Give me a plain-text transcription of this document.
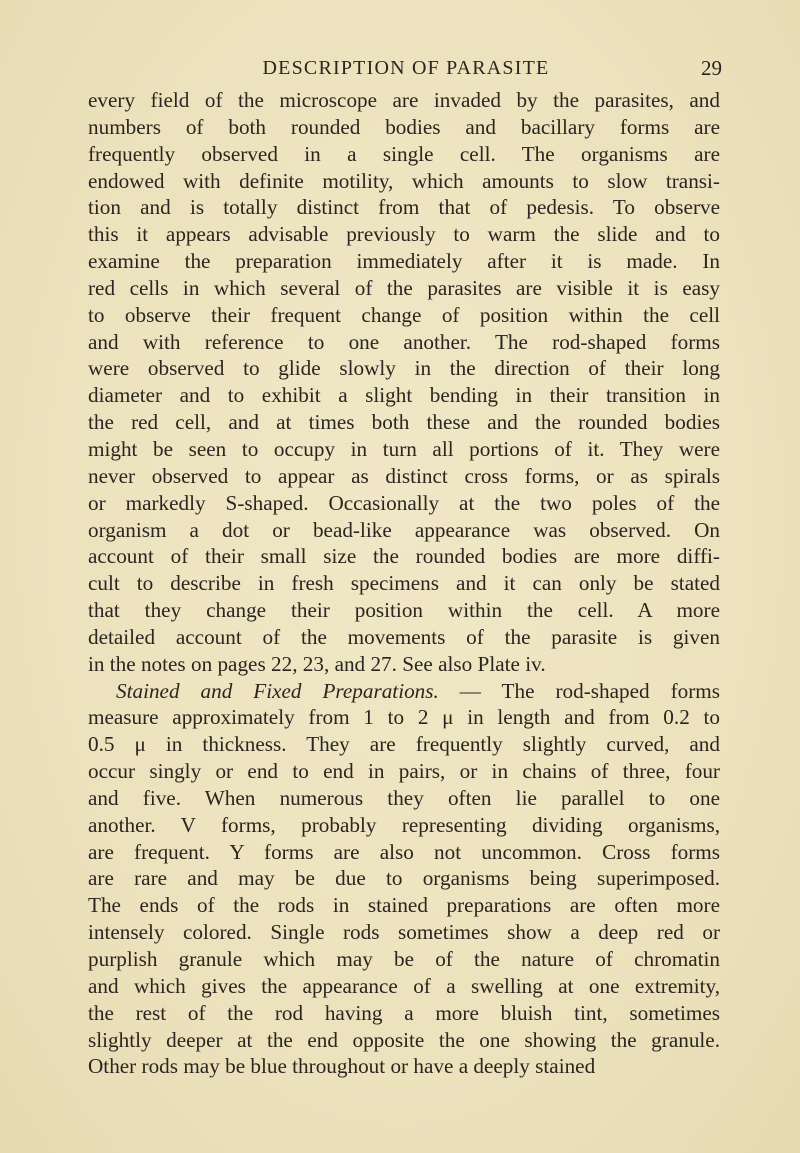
DESCRIPTION OF PARASITE	29
every field of the microscope are invaded by the parasites, and
numbers of both rounded bodies and bacillary forms are
frequently observed in a single cell. The organisms are
endowed with definite motility, which amounts to slow transi-
tion and is totally distinct from that of pedesis. To observe
this it appears advisable previously to warm the slide and to
examine the preparation immediately after it is made. In
red cells in which several of the parasites are visible it is easy
to observe their frequent change of position within the cell
and with reference to one another. The rod-shaped forms
were observed to glide slowly in the direction of their long
diameter and to exhibit a slight bending in their transition in
the red cell, and at times both these and the rounded bodies
might be seen to occupy in turn all portions of it. They were
never observed to appear as distinct cross forms, or as spirals
or markedly S-shaped. Occasionally at the two poles of the
organism a dot or bead-like appearance was observed. On
account of their small size the rounded bodies are more diffi-
cult to describe in fresh specimens and it can only be stated
that they change their position within the cell. A more
detailed account of the movements of the parasite is given
in the notes on pages 22, 23, and 27. See also Plate iv.
Stained and Fixed Preparations. — The rod-shaped forms
measure approximately from 1 to 2 μ in length and from 0.2 to
0.5 μ in thickness. They are frequently slightly curved, and
occur singly or end to end in pairs, or in chains of three, four
and five. When numerous they often lie parallel to one
another. V forms, probably representing dividing organisms,
are frequent. Y forms are also not uncommon. Cross forms
are rare and may be due to organisms being superimposed.
The ends of the rods in stained preparations are often more
intensely colored. Single rods sometimes show a deep red or
purplish granule which may be of the nature of chromatin
and which gives the appearance of a swelling at one extremity,
the rest of the rod having a more bluish tint, sometimes
slightly deeper at the end opposite the one showing the granule.
Other rods may be blue throughout or have a deeply stained
